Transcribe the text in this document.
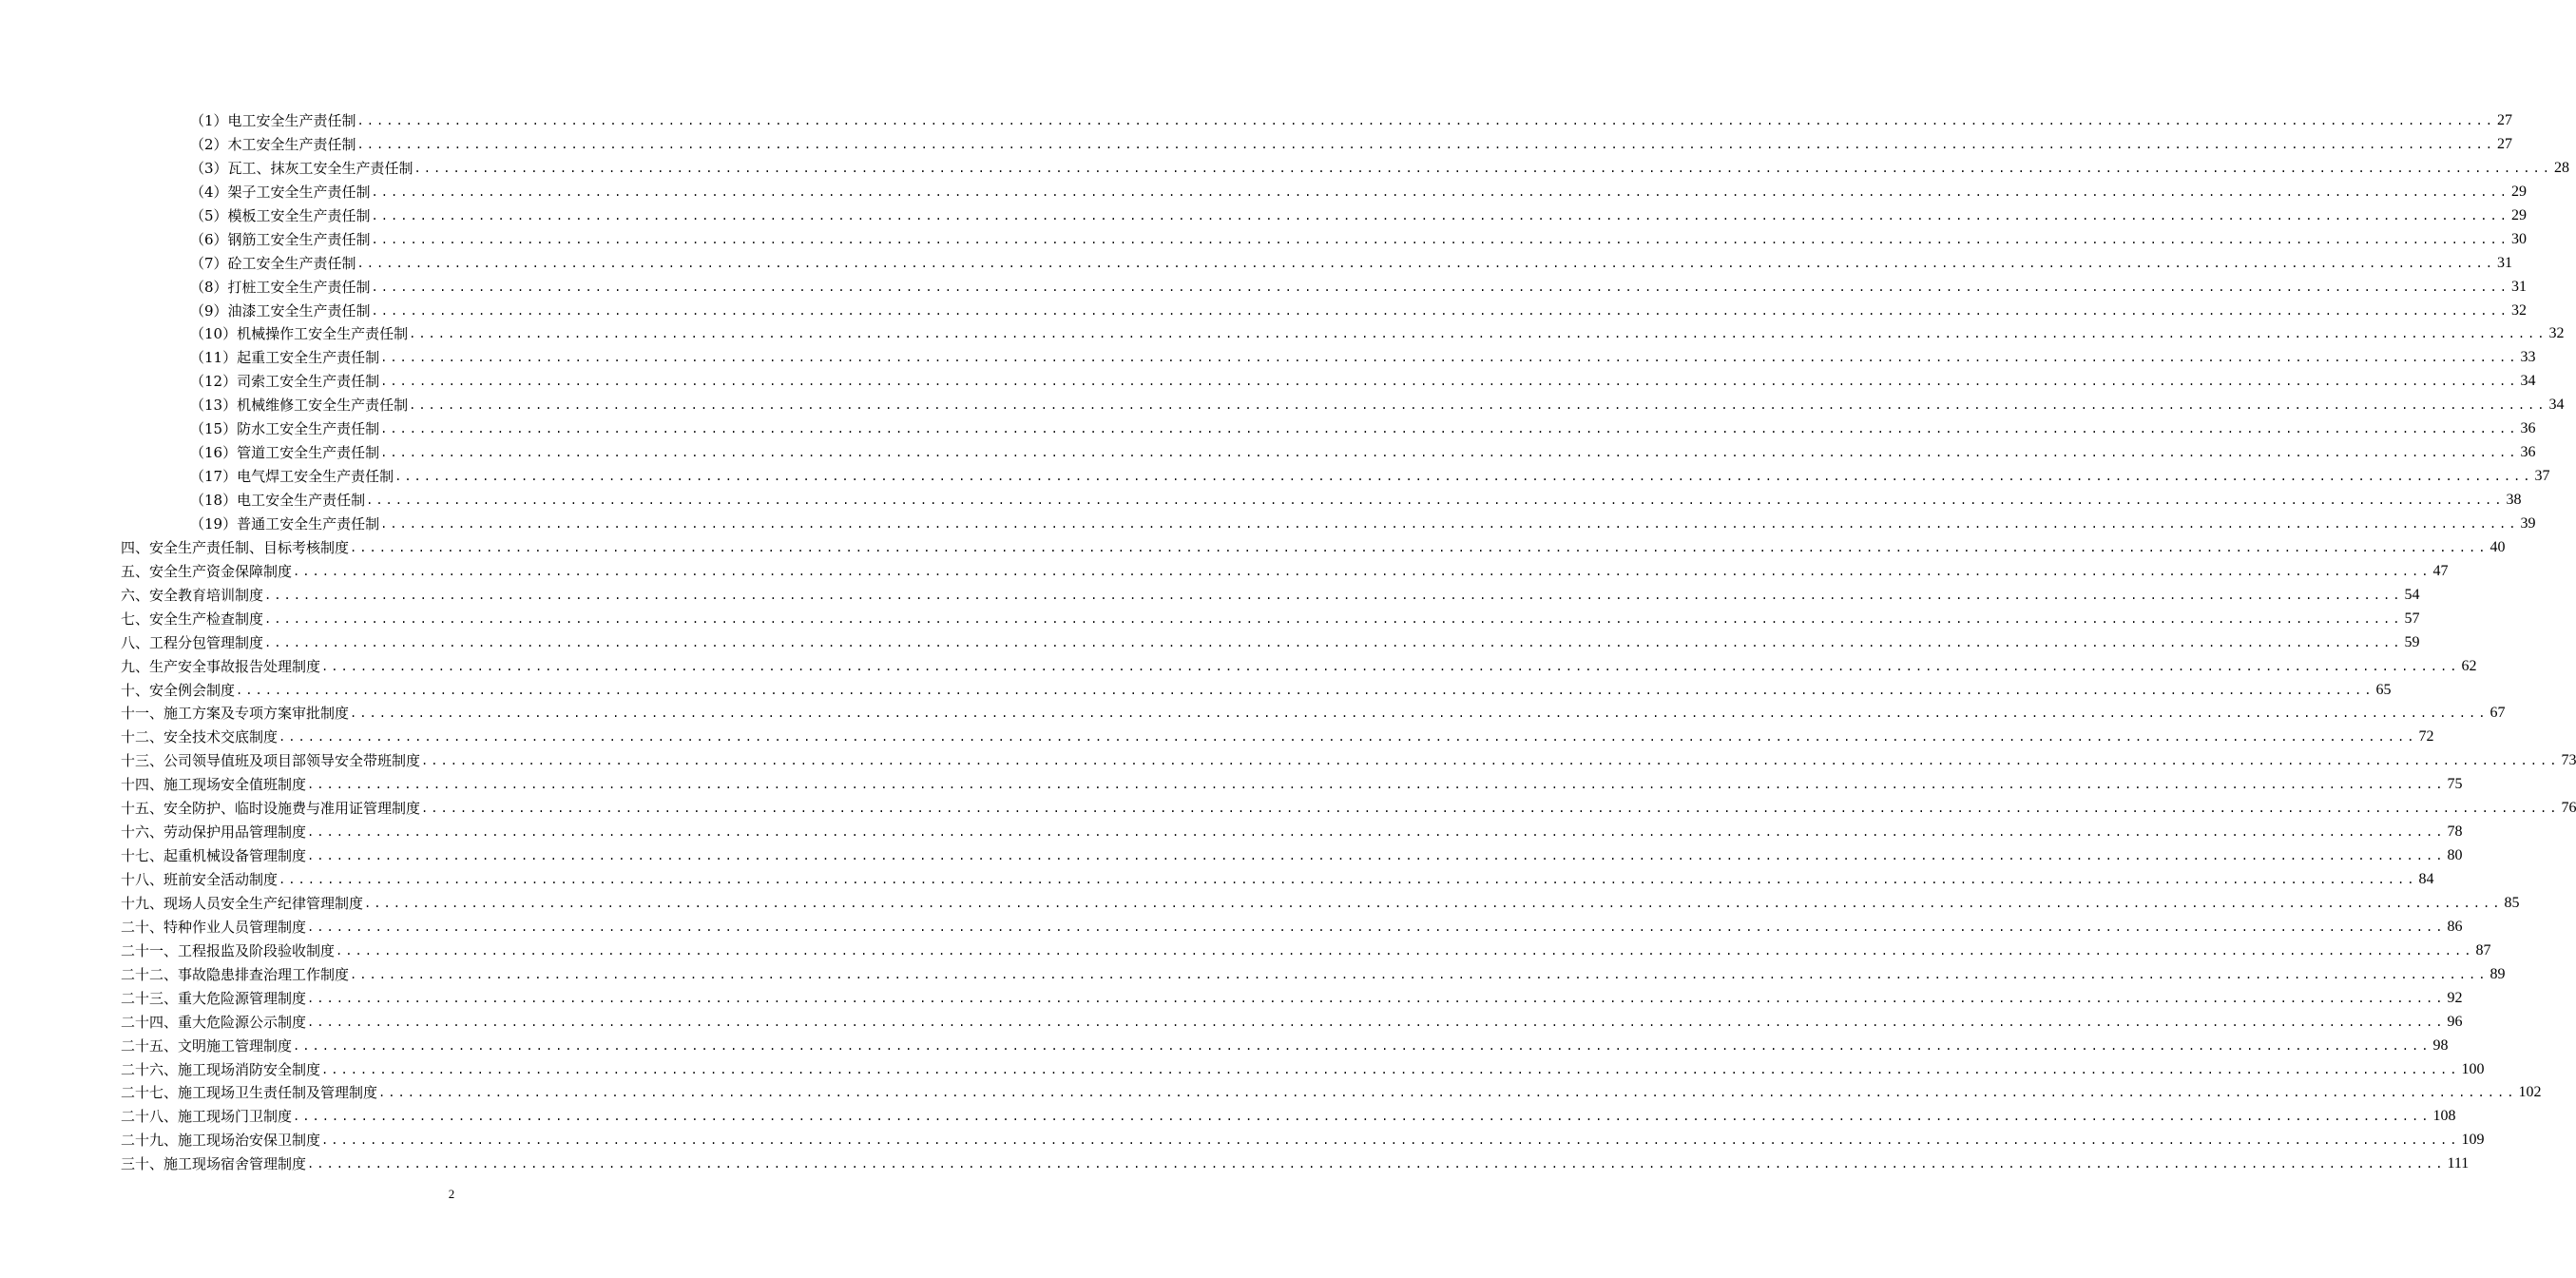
（1）电工安全生产责任制 ............................................................................................................................................................................................................................ 27
（2）木工安全生产责任制 ............................................................................................................................................................................................................................ 27
（3）瓦工、抹灰工安全生产责任制 ............................................................................................................................................................................................................................ 28
（4）架子工安全生产责任制 ............................................................................................................................................................................................................................ 29
（5）模板工安全生产责任制 ............................................................................................................................................................................................................................ 29
（6）钢筋工安全生产责任制 ............................................................................................................................................................................................................................ 30
（7）砼工安全生产责任制 ............................................................................................................................................................................................................................ 31
（8）打桩工安全生产责任制 ............................................................................................................................................................................................................................ 31
（9）油漆工安全生产责任制 ............................................................................................................................................................................................................................ 32
（10）机械操作工安全生产责任制 ............................................................................................................................................................................................................................ 32
（11）起重工安全生产责任制 ............................................................................................................................................................................................................................ 33
（12）司索工安全生产责任制 ............................................................................................................................................................................................................................ 34
（13）机械维修工安全生产责任制 ............................................................................................................................................................................................................................ 34
（15）防水工安全生产责任制 ............................................................................................................................................................................................................................ 36
（16）管道工安全生产责任制 ............................................................................................................................................................................................................................ 36
（17）电气焊工安全生产责任制 ............................................................................................................................................................................................................................ 37
（18）电工安全生产责任制 ............................................................................................................................................................................................................................ 38
（19）普通工安全生产责任制 ............................................................................................................................................................................................................................ 39
四、安全生产责任制、目标考核制度 ............................................................................................................................................................................................................................ 40
五、安全生产资金保障制度 ............................................................................................................................................................................................................................ 47
六、安全教育培训制度 ............................................................................................................................................................................................................................ 54
七、安全生产检查制度 ............................................................................................................................................................................................................................ 57
八、工程分包管理制度 ............................................................................................................................................................................................................................ 59
九、生产安全事故报告处理制度 ............................................................................................................................................................................................................................ 62
十、安全例会制度 ............................................................................................................................................................................................................................ 65
十一、施工方案及专项方案审批制度 ............................................................................................................................................................................................................................ 67
十二、安全技术交底制度 ............................................................................................................................................................................................................................ 72
十三、公司领导值班及项目部领导安全带班制度 ............................................................................................................................................................................................................................ 73
十四、施工现场安全值班制度 ............................................................................................................................................................................................................................ 75
十五、安全防护、临时设施费与准用证管理制度 ............................................................................................................................................................................................................................ 76
十六、劳动保护用品管理制度 ............................................................................................................................................................................................................................ 78
十七、起重机械设备管理制度 ............................................................................................................................................................................................................................ 80
十八、班前安全活动制度 ............................................................................................................................................................................................................................ 84
十九、现场人员安全生产纪律管理制度 ............................................................................................................................................................................................................................ 85
二十、特种作业人员管理制度 ............................................................................................................................................................................................................................ 86
二十一、工程报监及阶段验收制度 ............................................................................................................................................................................................................................ 87
二十二、事故隐患排查治理工作制度 ............................................................................................................................................................................................................................ 89
二十三、重大危险源管理制度 ............................................................................................................................................................................................................................ 92
二十四、重大危险源公示制度 ............................................................................................................................................................................................................................ 96
二十五、文明施工管理制度 ............................................................................................................................................................................................................................ 98
二十六、施工现场消防安全制度 ............................................................................................................................................................................................................................ 100
二十七、施工现场卫生责任制及管理制度 ............................................................................................................................................................................................................................ 102
二十八、施工现场门卫制度 ............................................................................................................................................................................................................................ 108
二十九、施工现场治安保卫制度 ............................................................................................................................................................................................................................ 109
三十、施工现场宿舍管理制度 ............................................................................................................................................................................................................................ 111
2
